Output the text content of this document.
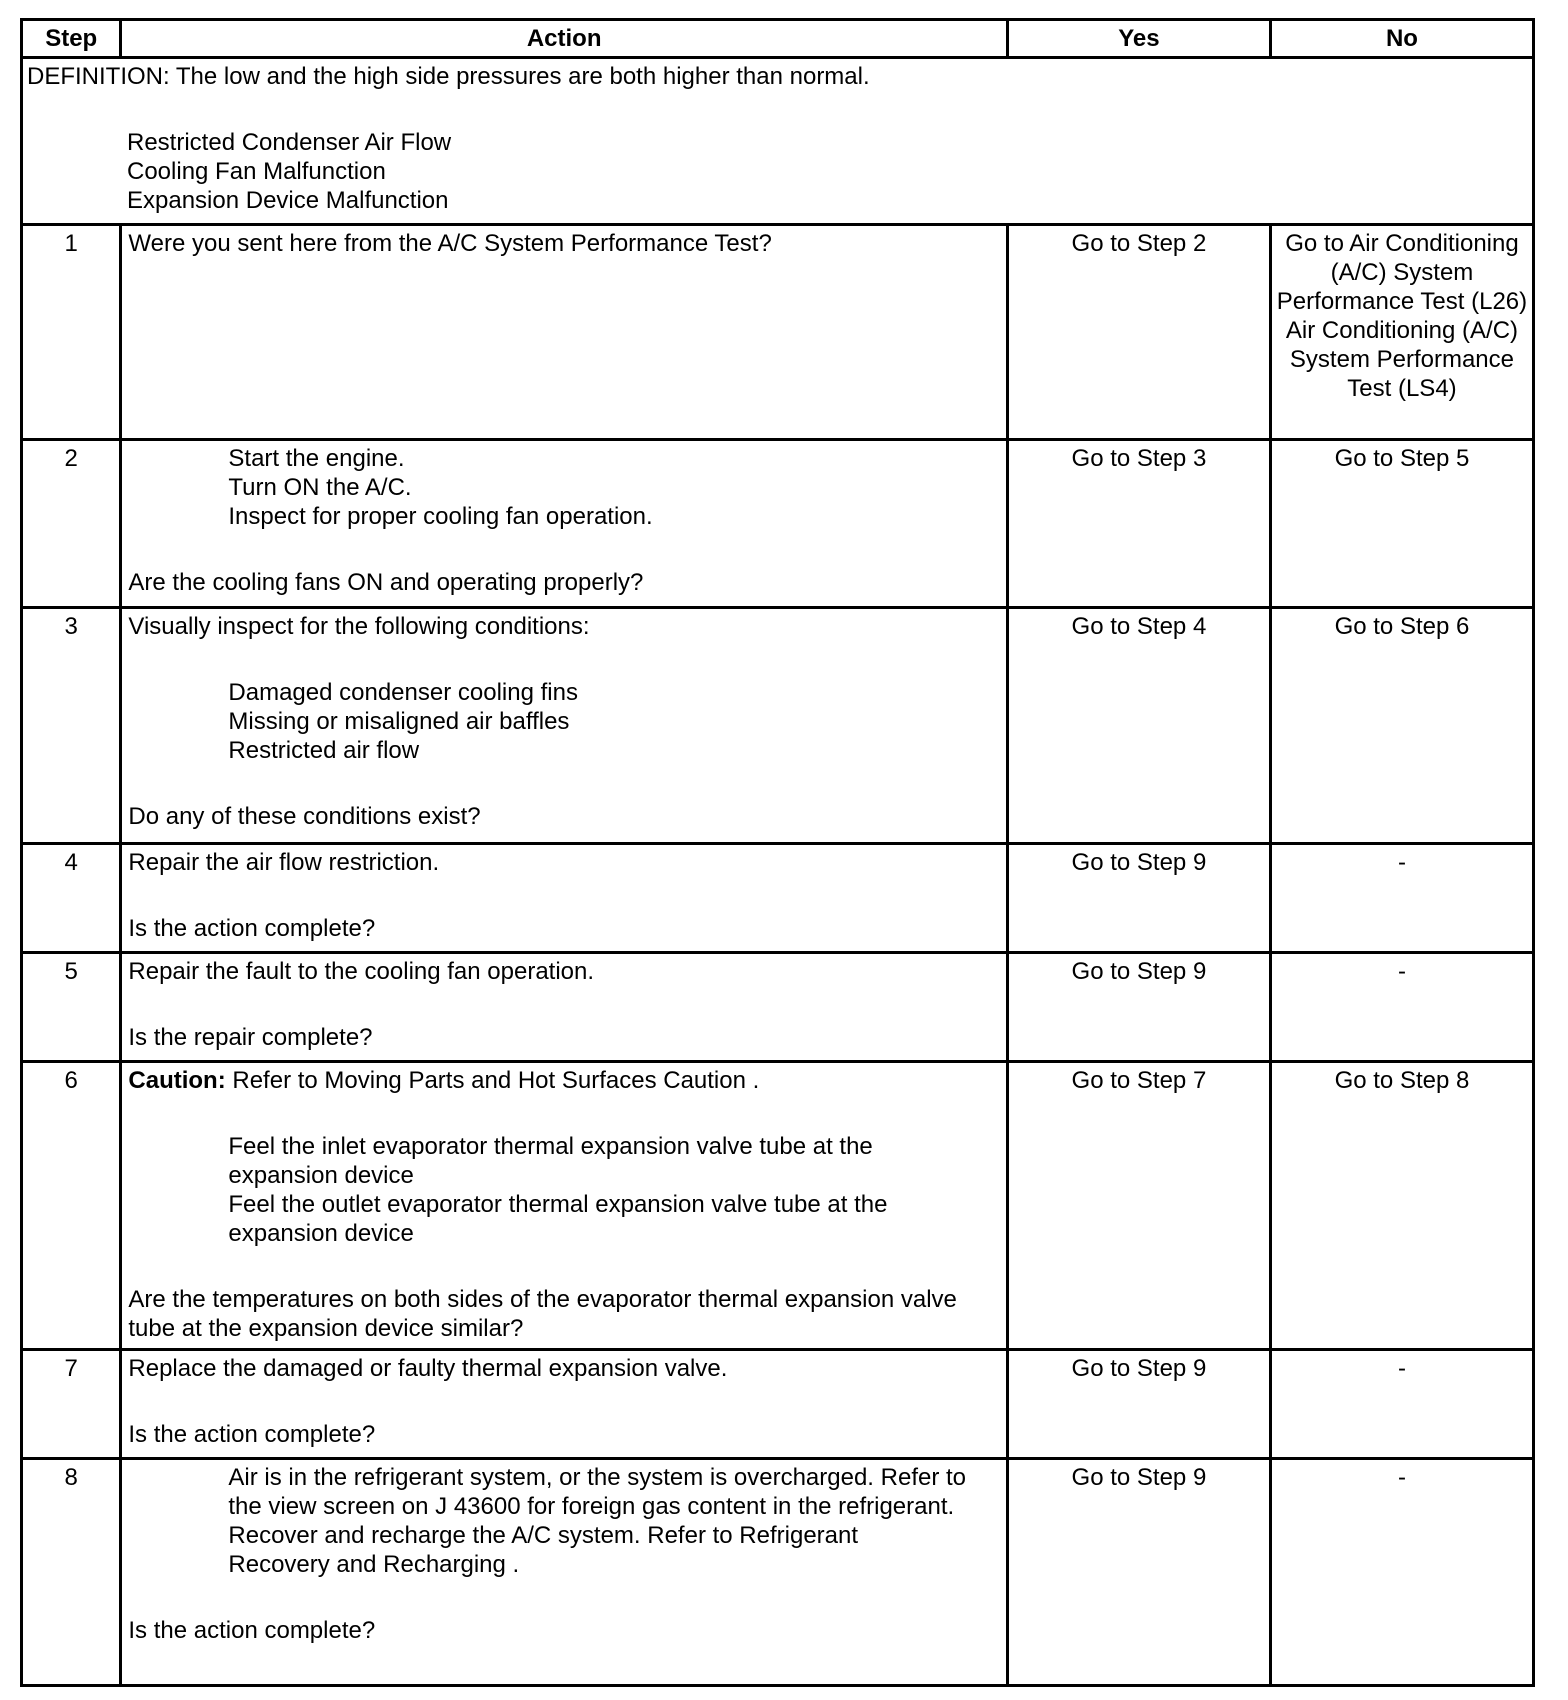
Step	Action	Yes	No

DEFINITION: The low and the high side pressures are both higher than normal.
Restricted Condenser Air Flow
Cooling Fan Malfunction
Expansion Device Malfunction			

1	Were you sent here from the A/C System Performance Test?	Go to Step 2	Go to Air Conditioning (A/C) System Performance Test (L26) Air Conditioning (A/C) System Performance Test (LS4)
2	Start the engine.
Turn ON the A/C.
Inspect for proper cooling fan operation.
Are the cooling fans ON and operating properly?	Go to Step 3	Go to Step 5
3	Visually inspect for the following conditions:
Damaged condenser cooling fins
Missing or misaligned air baffles
Restricted air flow
Do any of these conditions exist?	Go to Step 4	Go to Step 6
4	Repair the air flow restriction.
Is the action complete?	Go to Step 9	-
5	Repair the fault to the cooling fan operation.
Is the repair complete?	Go to Step 9	-
6	Caution: Refer to Moving Parts and Hot Surfaces Caution .
Feel the inlet evaporator thermal expansion valve tube at the expansion device
Feel the outlet evaporator thermal expansion valve tube at the expansion device
Are the temperatures on both sides of the evaporator thermal expansion valve tube at the expansion device similar?	Go to Step 7	Go to Step 8
7	Replace the damaged or faulty thermal expansion valve.
Is the action complete?	Go to Step 9	-
8	Air is in the refrigerant system, or the system is overcharged. Refer to the view screen on J 43600 for foreign gas content in the refrigerant.
Recover and recharge the A/C system. Refer to Refrigerant Recovery and Recharging .
Is the action complete?	Go to Step 9	-
